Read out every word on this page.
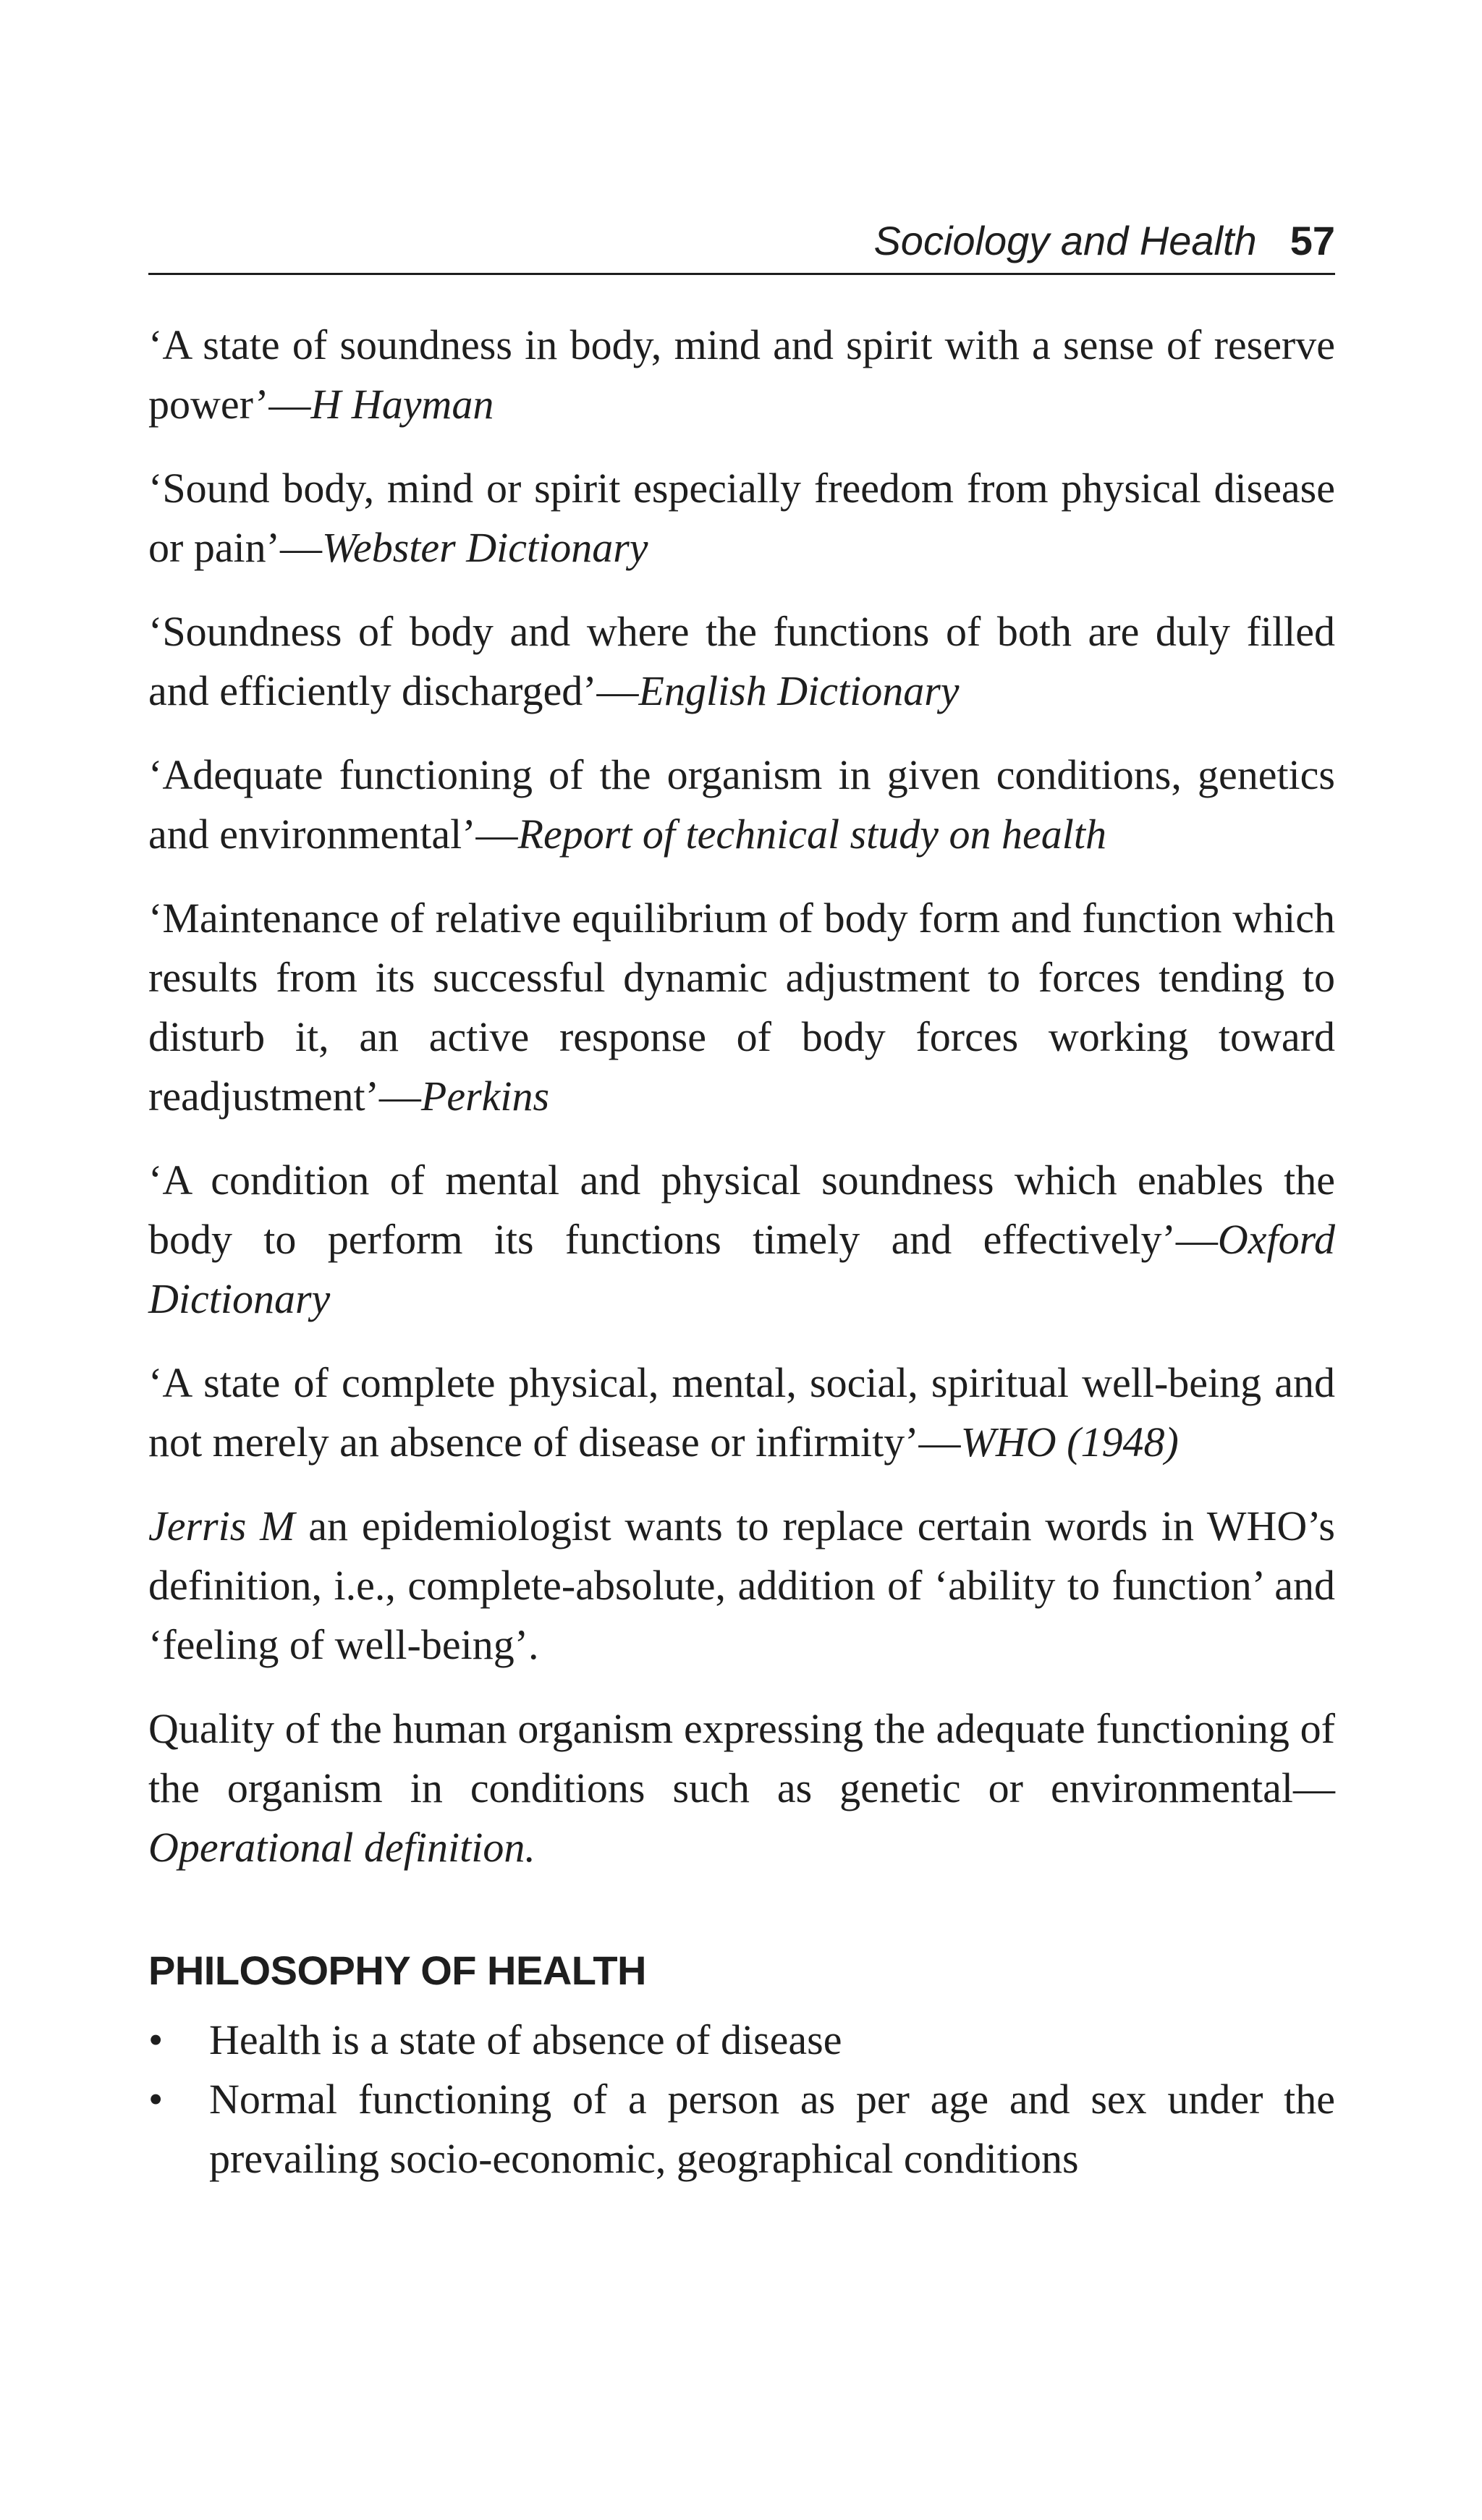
Sociology and Health 57

‘A state of soundness in body, mind and spirit with a sense of reserve power’—H Hayman

‘Sound body, mind or spirit especially freedom from physical disease or pain’—Webster Dictionary

‘Soundness of body and where the functions of both are duly filled and efficiently discharged’—English Dictionary

‘Adequate functioning of the organism in given conditions, genetics and environmental’—Report of technical study on health

‘Maintenance of relative equilibrium of body form and function which results from its successful dynamic adjustment to forces tending to disturb it, an active response of body forces working toward readjustment’—Perkins

‘A condition of mental and physical soundness which enables the body to perform its functions timely and effectively’—Oxford Dictionary

‘A state of complete physical, mental, social, spiritual well-being and not merely an absence of disease or infirmity’—WHO (1948)

Jerris M an epidemiologist wants to replace certain words in WHO’s definition, i.e., complete-absolute, addition of ‘ability to function’ and ‘feeling of well-being’.

Quality of the human organism expressing the adequate functioning of the organism in conditions such as genetic or environmental—Operational definition.

PHILOSOPHY OF HEALTH
• Health is a state of absence of disease
• Normal functioning of a person as per age and sex under the prevailing socio-economic, geographical conditions
